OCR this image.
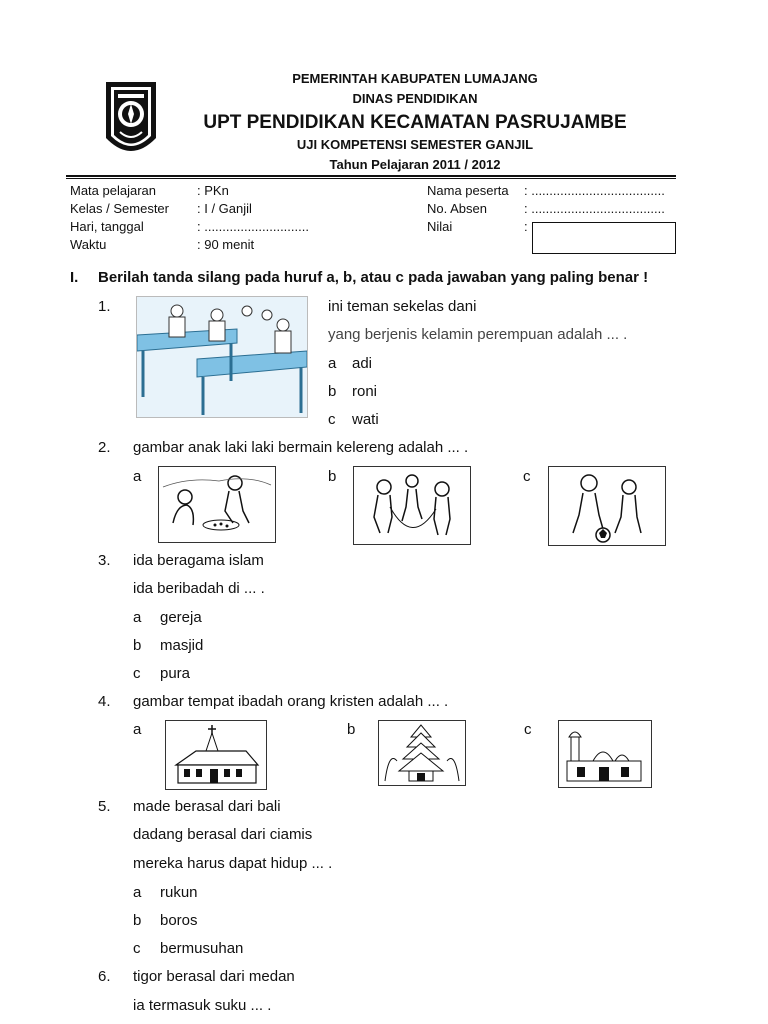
PEMERINTAH KABUPATEN LUMAJANG
DINAS PENDIDIKAN
UPT PENDIDIKAN KECAMATAN PASRUJAMBE
UJI KOMPETENSI SEMESTER GANJIL
Tahun Pelajaran 2011 / 2012
Mata pelajaran	: PKn
Kelas / Semester : I / Ganjil
Hari, tanggal	: .............................
Waktu	: 90 menit
Nama peserta : .....................................
No. Absen	: .....................................
Nilai	:
I. Berilah tanda silang pada huruf a, b, atau c pada jawaban yang paling benar !
1.	ini teman sekelas dani
yang berjenis kelamin perempuan adalah ... .
a adi
b roni
c wati
2. gambar anak laki laki bermain kelereng adalah ... .
a	b	c
3. ida beragama islam
ida beribadah di ... .
a gereja
b masjid
c pura
4. gambar tempat ibadah orang kristen adalah ... .
a	b	c
5. made berasal dari bali
dadang berasal dari ciamis
mereka harus dapat hidup ... .
a rukun
b boros
c bermusuhan
6. tigor berasal dari medan
ia termasuk suku ... .
